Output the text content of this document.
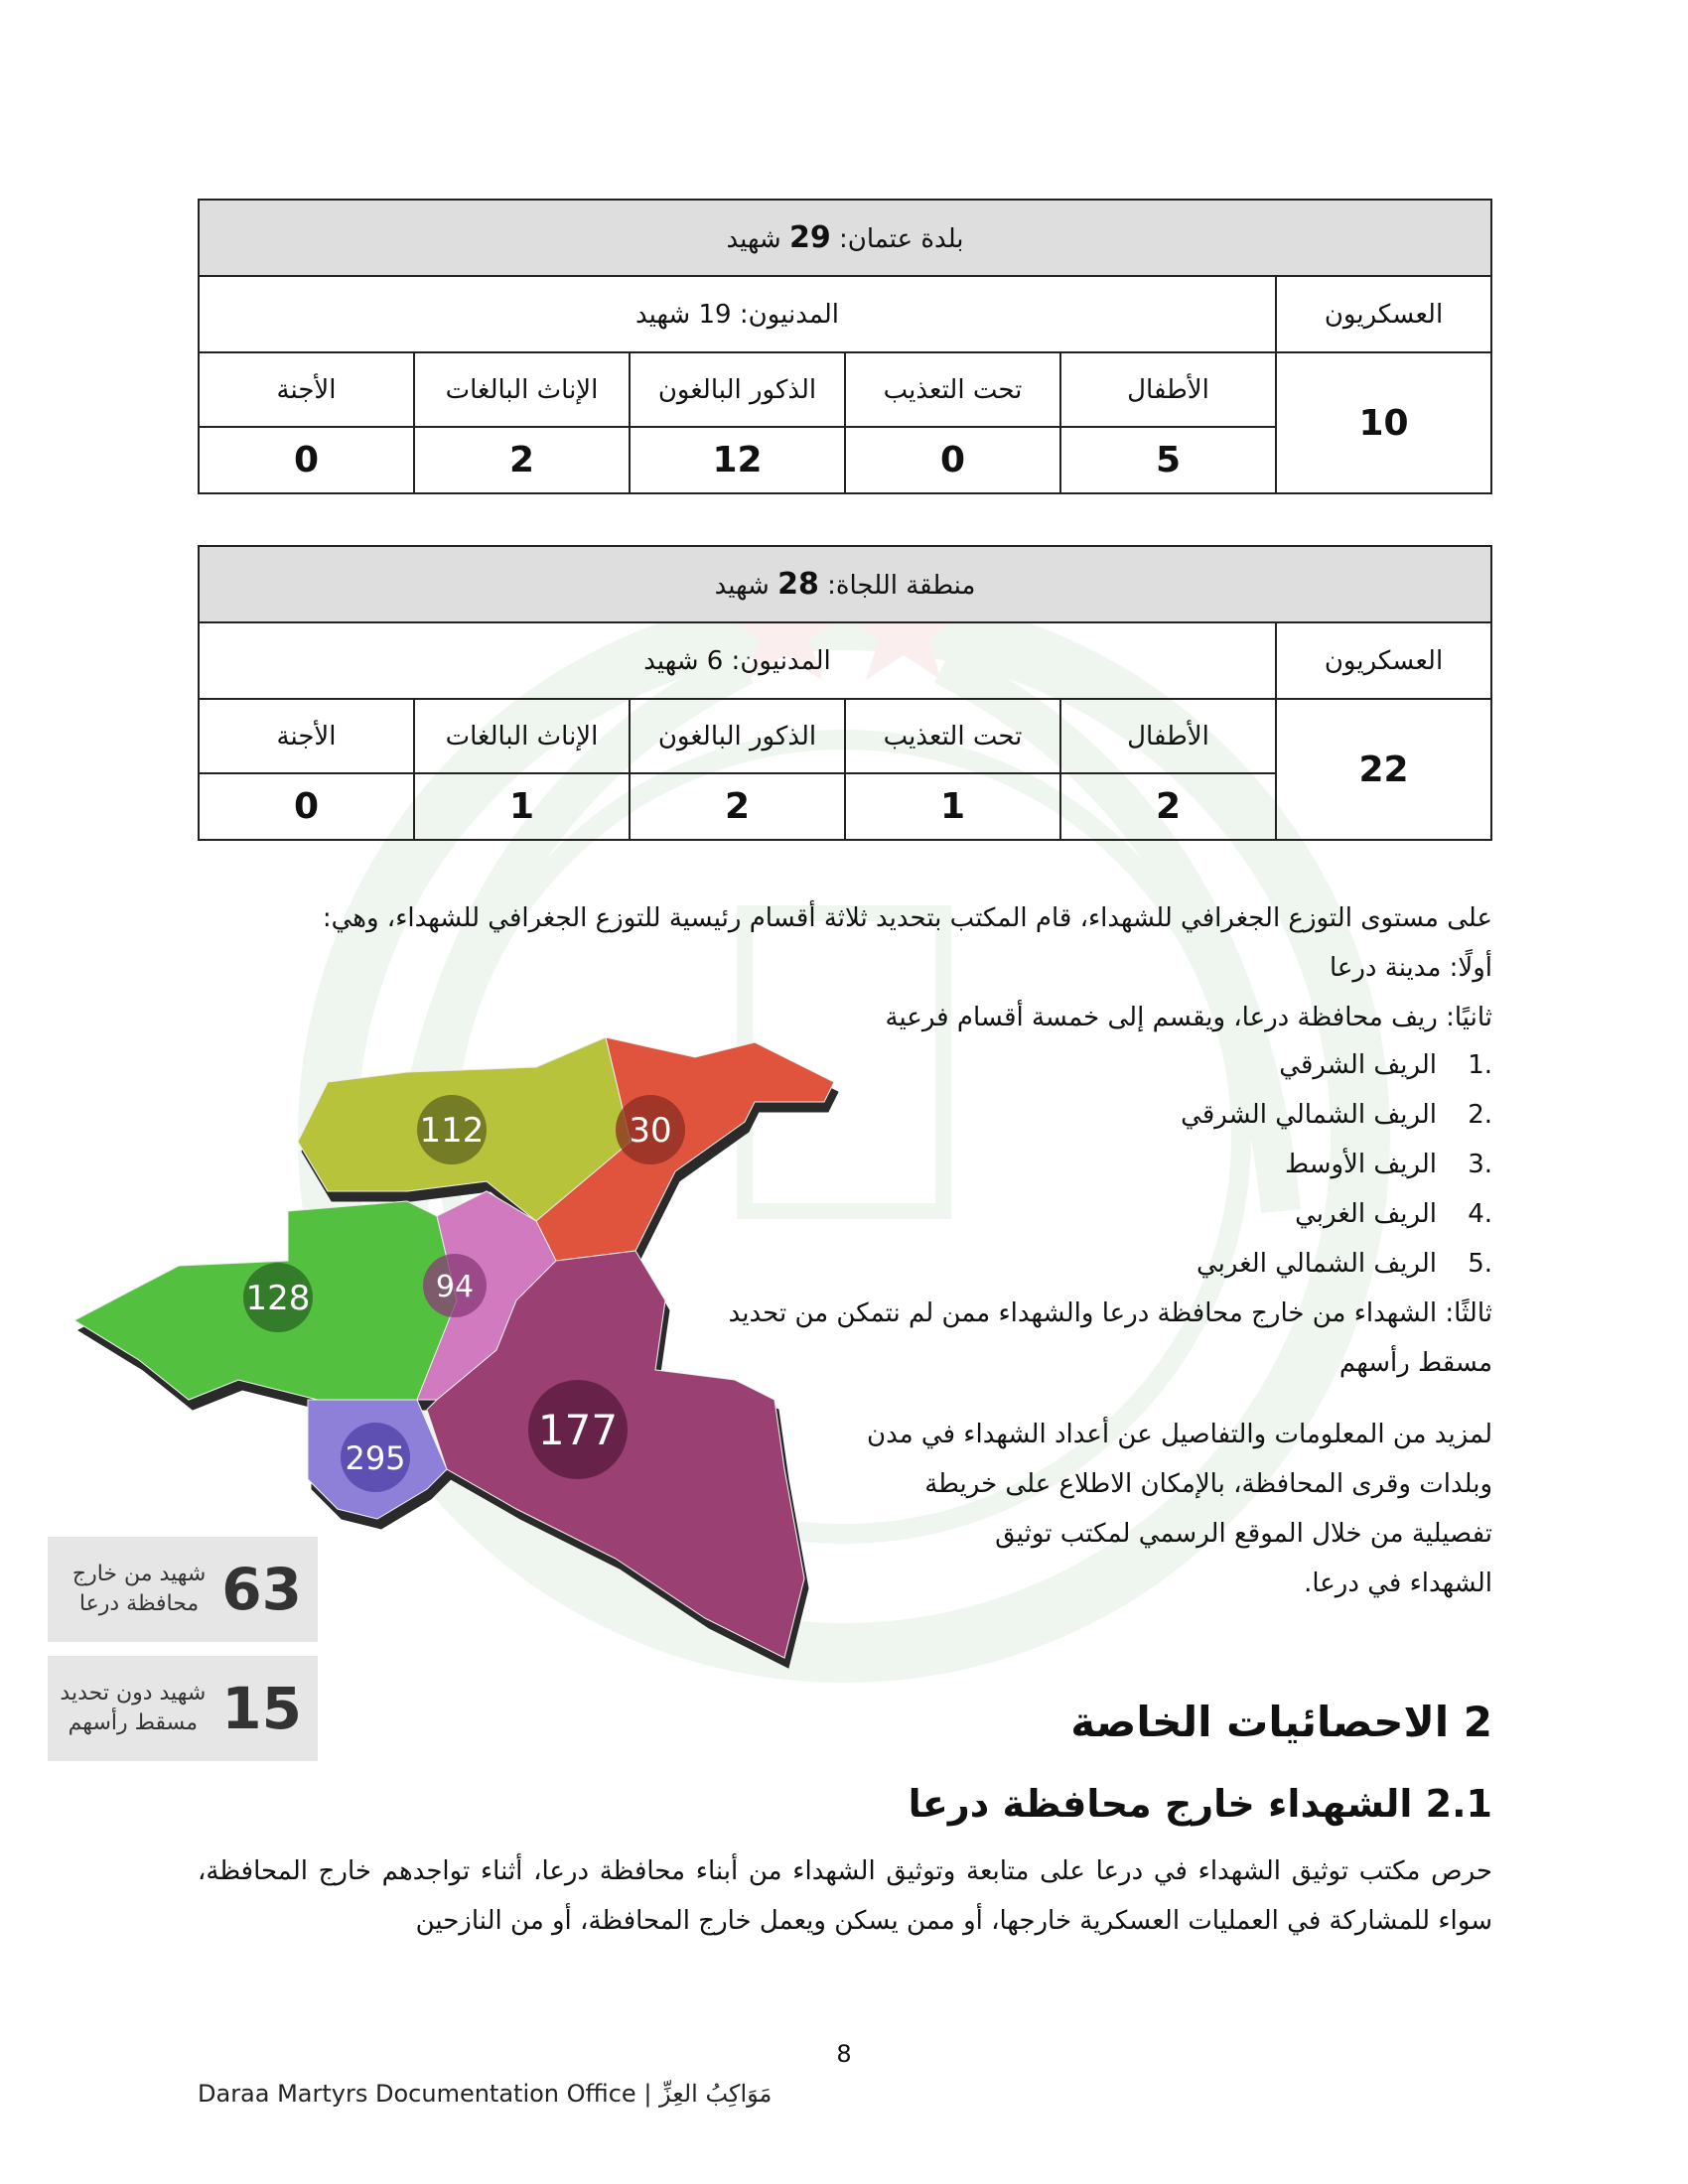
بلدة عتمان: 29 شهيد					
العسكريون	المدنيون: 19 شهيد				
10	الأطفال	تحت التعذيب	الذكور البالغون	الإناث البالغات	الأجنة
	5	0	12	2	0
منطقة اللجاة: 28 شهيد					
العسكريون	المدنيون: 6 شهيد				
22	الأطفال	تحت التعذيب	الذكور البالغون	الإناث البالغات	الأجنة
	2	1	2	1	0
على مستوى التوزع الجغرافي للشهداء، قام المكتب بتحديد ثلاثة أقسام رئيسية للتوزع الجغرافي للشهداء، وهي:
أولًا: مدينة درعا
ثانيًا: ريف محافظة درعا، ويقسم إلى خمسة أقسام فرعية
.1
الريف الشرقي
.2
الريف الشمالي الشرقي
.3
الريف الأوسط
.4
الريف الغربي
.5
الريف الشمالي الغربي
ثالثًا: الشهداء من خارج محافظة درعا والشهداء ممن لم نتمكن من تحديد
مسقط رأسهم
لمزيد من المعلومات والتفاصيل عن أعداد الشهداء في مدن
وبلدات وقرى المحافظة، بالإمكان الاطلاع على خريطة
تفصيلية من خلال الموقع الرسمي لمكتب توثيق
الشهداء في درعا.
112	30
128	94
177
295
63
شهيد من خارج
محافظة درعا
15
شهيد دون تحديد
مسقط رأسهم	2 الاحصائيات الخاصة
2.1 الشهداء خارج محافظة درعا
حرص مكتب توثيق الشهداء في درعا على متابعة وتوثيق الشهداء من أبناء محافظة درعا، أثناء تواجدهم خارج المحافظة، سواء للمشاركة في العمليات العسكرية خارجها، أو ممن يسكن ويعمل خارج المحافظة، أو من النازحين
8
Daraa Martyrs Documentation Office | مَوَاكِبُ العِزِّ
